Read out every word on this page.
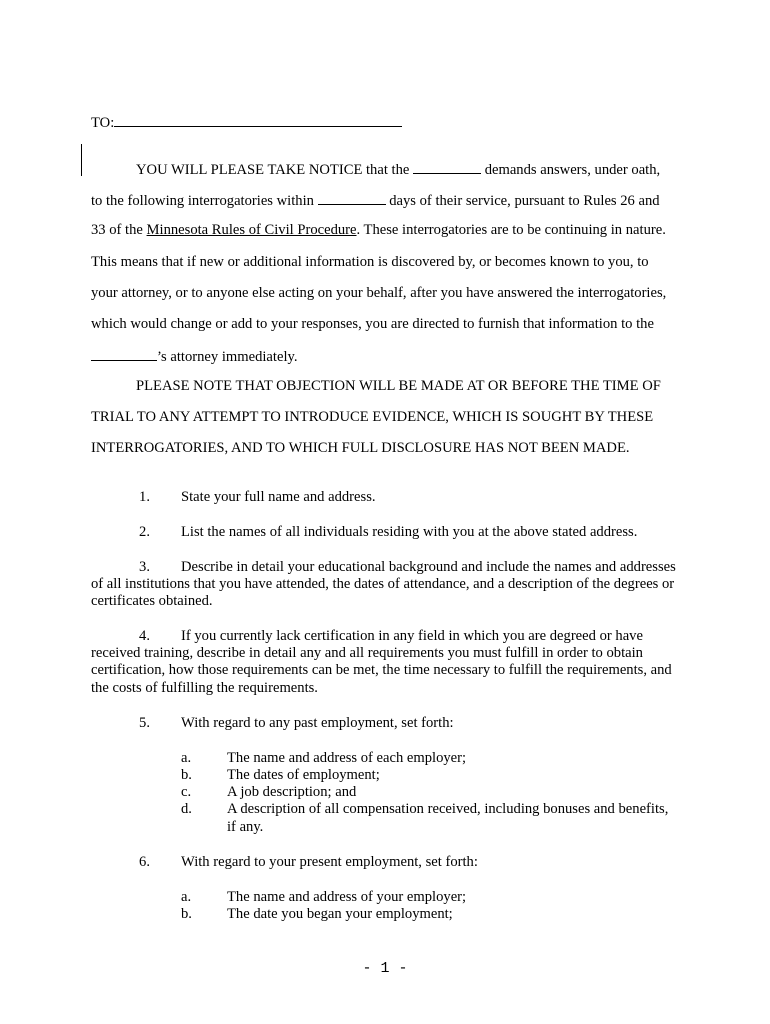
TO:
YOU WILL PLEASE TAKE NOTICE that the	demands answers, under oath,
to the following interrogatories within	days of their service, pursuant to Rules 26 and
33 of the Minnesota Rules of Civil Procedure. These interrogatories are to be continuing in nature.
This means that if new or additional information is discovered by, or becomes known to you, to
your attorney, or to anyone else acting on your behalf, after you have answered the interrogatories,
which would change or add to your responses, you are directed to furnish that information to the
’s attorney immediately.
PLEASE NOTE THAT OBJECTION WILL BE MADE AT OR BEFORE THE TIME OF
TRIAL TO ANY ATTEMPT TO INTRODUCE EVIDENCE, WHICH IS SOUGHT BY THESE
INTERROGATORIES, AND TO WHICH FULL DISCLOSURE HAS NOT BEEN MADE.
1. State your full name and address.
2. List the names of all individuals residing with you at the above stated address.
3. Describe in detail your educational background and include the names and addresses
of all institutions that you have attended, the dates of attendance, and a description of the degrees or
certificates obtained.
4. If you currently lack certification in any field in which you are degreed or have
received training, describe in detail any and all requirements you must fulfill in order to obtain
certification, how those requirements can be met, the time necessary to fulfill the requirements, and
the costs of fulfilling the requirements.
5. With regard to any past employment, set forth:
a.	The name and address of each employer;
b.	The dates of employment;
c.	A job description; and
d.	A description of all compensation received, including bonuses and benefits,
if any.
6. With regard to your present employment, set forth:
a.	The name and address of your employer;
b.	The date you began your employment;
- 1 -
